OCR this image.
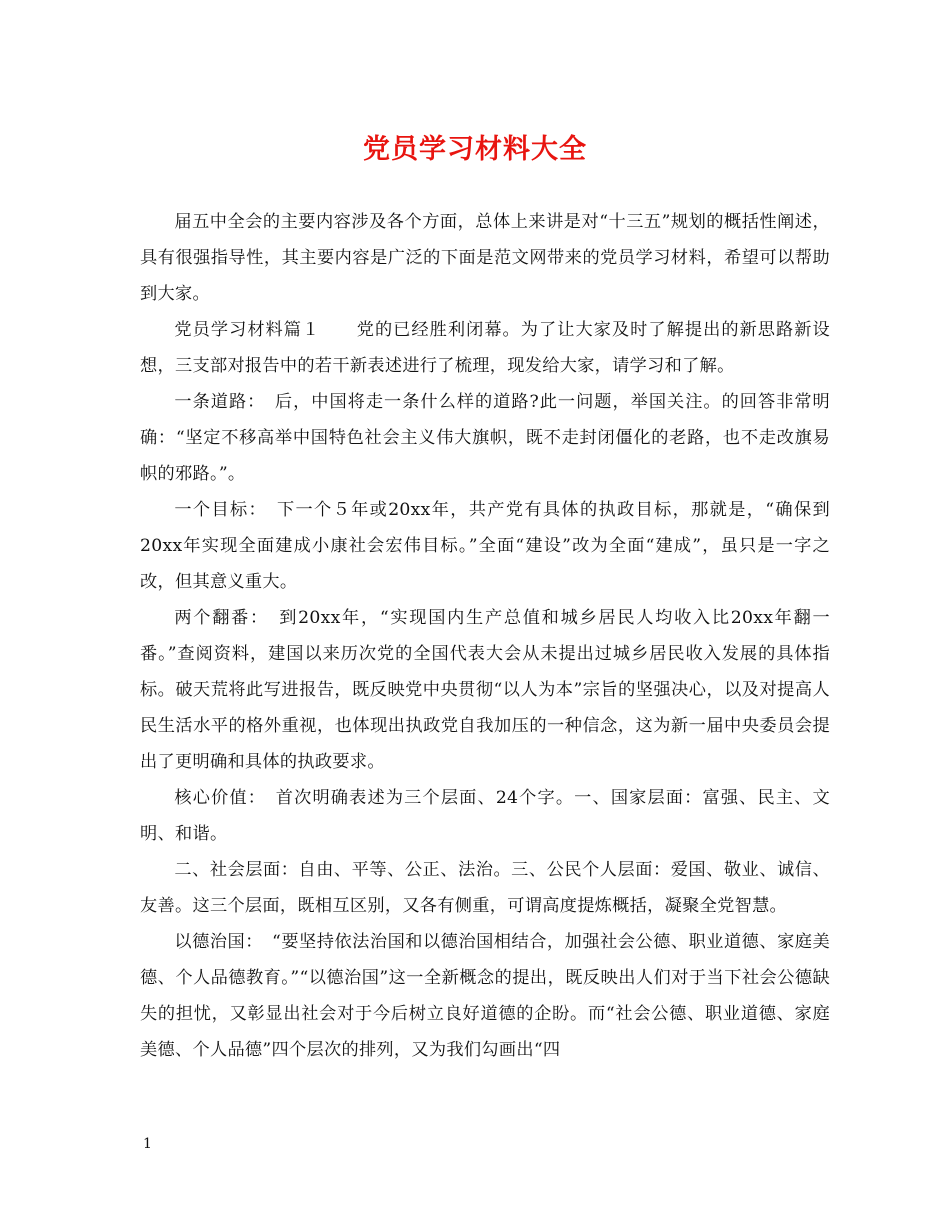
党员学习材料大全

届五中全会的主要内容涉及各个方面，总体上来讲是对“十三五”规划的概括性阐述，具有很强指导性，其主要内容是广泛的下面是范文网带来的党员学习材料，希望可以帮助到大家。

党员学习材料篇１　　党的已经胜利闭幕。为了让大家及时了解提出的新思路新设想，三支部对报告中的若干新表述进行了梳理，现发给大家，请学习和了解。

一条道路：　后，中国将走一条什么样的道路?此一问题，举国关注。的回答非常明确：“坚定不移高举中国特色社会主义伟大旗帜，既不走封闭僵化的老路，也不走改旗易帜的邪路。”。

一个目标：　下一个５年或20xx年，共产党有具体的执政目标，那就是，“确保到20xx年实现全面建成小康社会宏伟目标。”全面“建设”改为全面“建成”，虽只是一字之改，但其意义重大。

两个翻番：　到20xx年，“实现国内生产总值和城乡居民人均收入比20xx年翻一番。”查阅资料，建国以来历次党的全国代表大会从未提出过城乡居民收入发展的具体指标。破天荒将此写进报告，既反映党中央贯彻“以人为本”宗旨的坚强决心，以及对提高人民生活水平的格外重视，也体现出执政党自我加压的一种信念，这为新一届中央委员会提出了更明确和具体的执政要求。

核心价值：　首次明确表述为三个层面、24个字。一、国家层面：富强、民主、文明、和谐。

二、社会层面：自由、平等、公正、法治。三、公民个人层面：爱国、敬业、诚信、友善。这三个层面，既相互区别，又各有侧重，可谓高度提炼概括，凝聚全党智慧。

以德治国：　“要坚持依法治国和以德治国相结合，加强社会公德、职业道德、家庭美德、个人品德教育。”“以德治国”这一全新概念的提出，既反映出人们对于当下社会公德缺失的担忧，又彰显出社会对于今后树立良好道德的企盼。而“社会公德、职业道德、家庭美德、个人品德”四个层次的排列，又为我们勾画出“四

1
